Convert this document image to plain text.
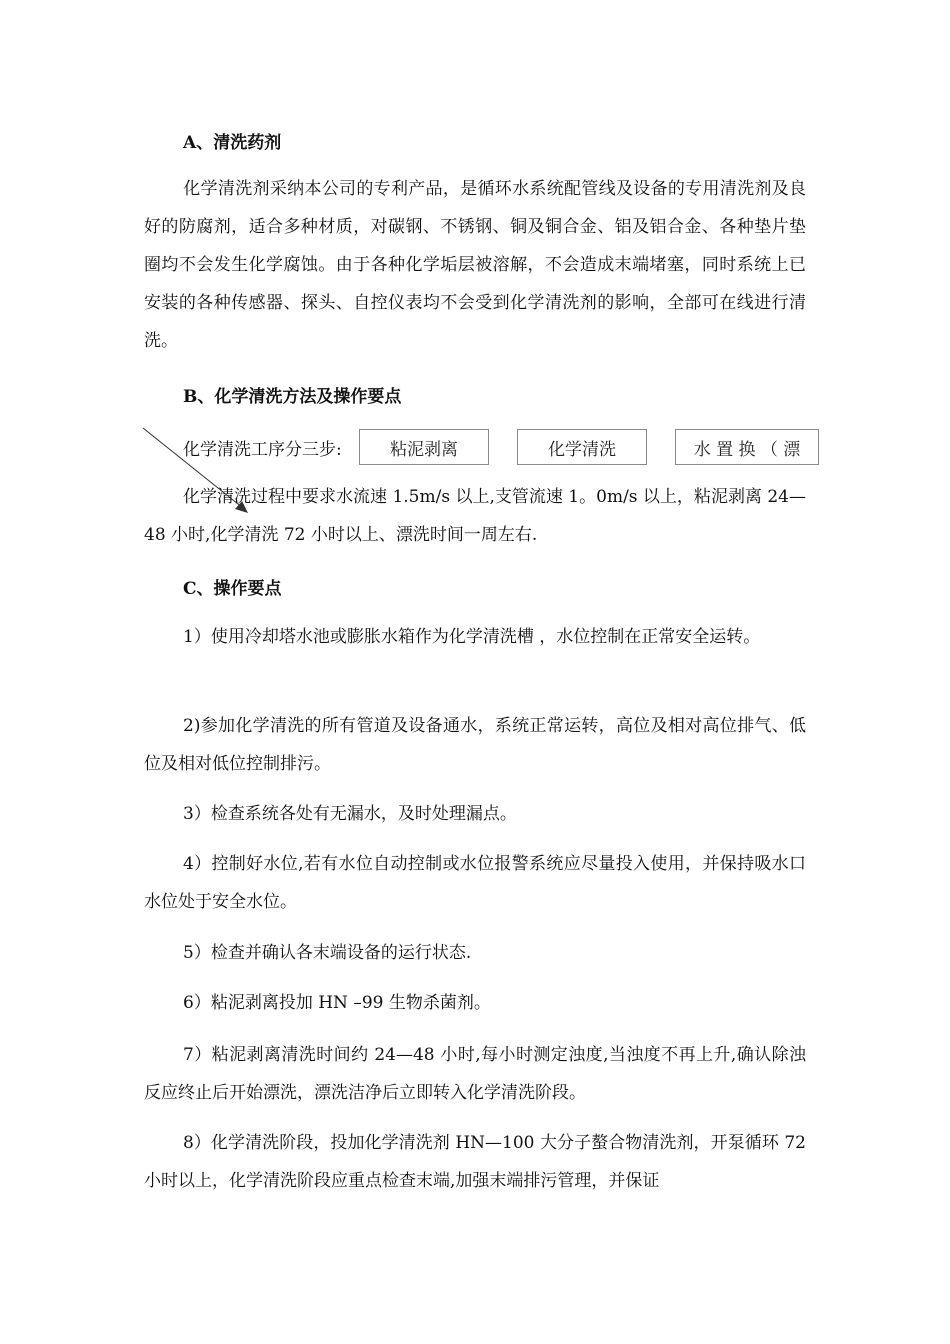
A、清洗药剂
化学清洗剂采纳本公司的专利产品，是循环水系统配管线及设备的专用清洗剂及良好的防腐剂，适合多种材质，对碳钢、不锈钢、铜及铜合金、铝及铝合金、各种垫片垫圈均不会发生化学腐蚀。由于各种化学垢层被溶解，不会造成末端堵塞，同时系统上已安装的各种传感器、探头、自控仪表均不会受到化学清洗剂的影响，全部可在线进行清洗。
B、化学清洗方法及操作要点
化学清洗工序分三步:	粘泥剥离	化学清洗	水 置 换 （ 漂
化学清洗过程中要求水流速 1.5m/s 以上,支管流速 1。0m/s 以上，粘泥剥离 24—48 小时,化学清洗 72 小时以上、漂洗时间一周左右.
C、操作要点
1）使用冷却塔水池或膨胀水箱作为化学清洗槽 ，水位控制在正常安全运转。
2)参加化学清洗的所有管道及设备通水，系统正常运转，高位及相对高位排气、低位及相对低位控制排污。
3）检查系统各处有无漏水，及时处理漏点。
4）控制好水位,若有水位自动控制或水位报警系统应尽量投入使用，并保持吸水口水位处于安全水位。
5）检查并确认各末端设备的运行状态.
6）粘泥剥离投加 HN –99 生物杀菌剂。
7）粘泥剥离清洗时间约 24—48 小时,每小时测定浊度,当浊度不再上升,确认除浊反应终止后开始漂洗，漂洗洁净后立即转入化学清洗阶段。
8）化学清洗阶段，投加化学清洗剂 HN—100 大分子螯合物清洗剂，开泵循环 72 小时以上，化学清洗阶段应重点检查末端,加强末端排污管理，并保证
